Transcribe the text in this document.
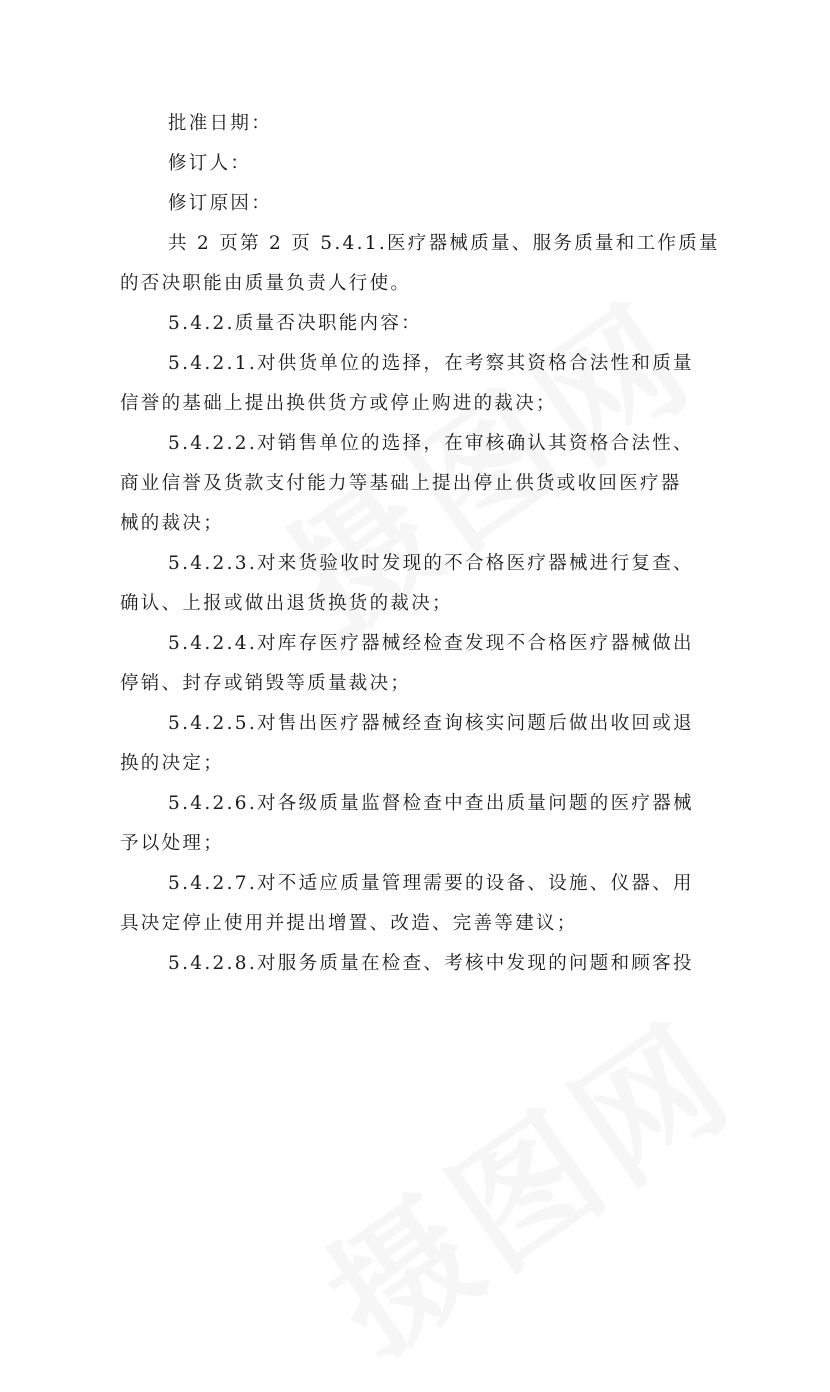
批准日期：
修订人：
修订原因：
共 2 页第 2 页 5.4.1.医疗器械质量、服务质量和工作质量
的否决职能由质量负责人行使。
5.4.2.质量否决职能内容：
5.4.2.1.对供货单位的选择，在考察其资格合法性和质量
信誉的基础上提出换供货方或停止购进的裁决；
5.4.2.2.对销售单位的选择，在审核确认其资格合法性、
商业信誉及货款支付能力等基础上提出停止供货或收回医疗器
械的裁决；
5.4.2.3.对来货验收时发现的不合格医疗器械进行复查、
确认、上报或做出退货换货的裁决；
5.4.2.4.对库存医疗器械经检查发现不合格医疗器械做出
停销、封存或销毁等质量裁决；
5.4.2.5.对售出医疗器械经查询核实问题后做出收回或退
换的决定；
5.4.2.6.对各级质量监督检查中查出质量问题的医疗器械
予以处理；
5.4.2.7.对不适应质量管理需要的设备、设施、仪器、用
具决定停止使用并提出增置、改造、完善等建议；
5.4.2.8.对服务质量在检查、考核中发现的问题和顾客投
